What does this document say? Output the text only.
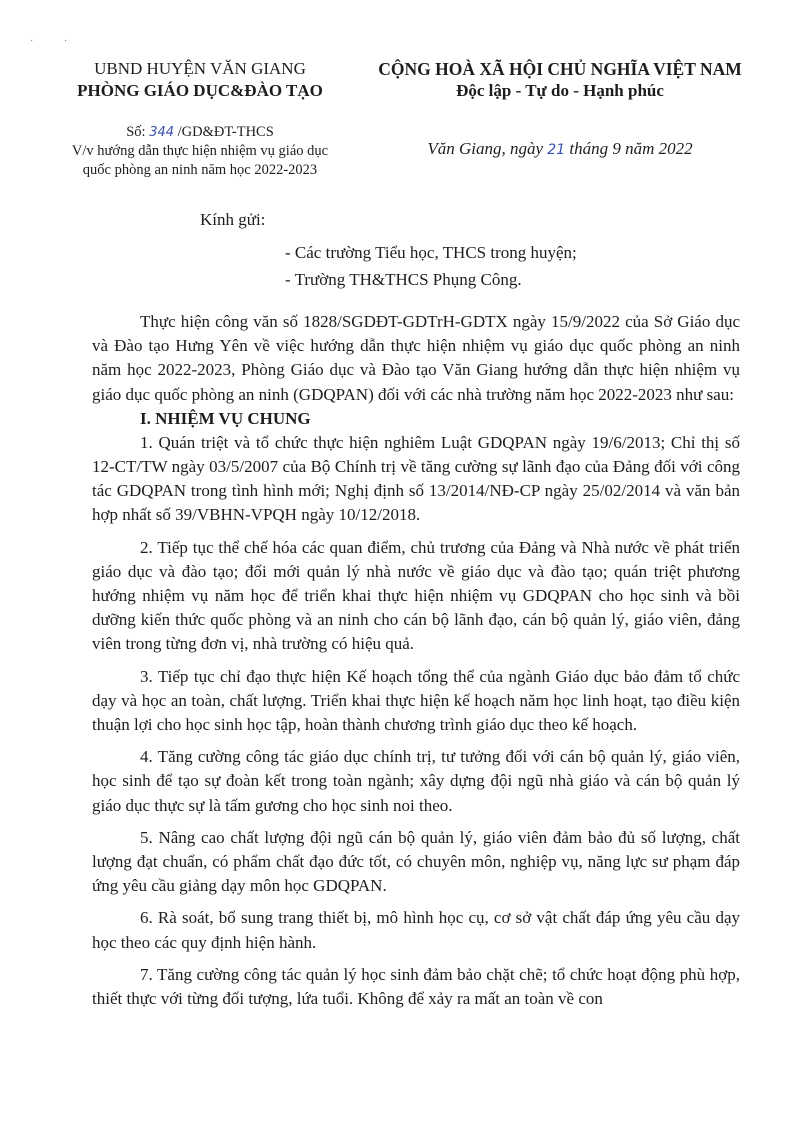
· ·
UBND HUYỆN VĂN GIANG
PHÒNG GIÁO DỤC&ĐÀO TẠO
CỘNG HOÀ XÃ HỘI CHỦ NGHĨA VIỆT NAM
Độc lập - Tự do - Hạnh phúc
Số: 344 /GD&ĐT-THCS
V/v hướng dẫn thực hiện nhiệm vụ giáo dục
quốc phòng an ninh năm học 2022-2023
Văn Giang, ngày 21 tháng 9 năm 2022
Kính gửi:
- Các trường Tiểu học, THCS trong huyện;
- Trường TH&THCS Phụng Công.

Thực hiện công văn số 1828/SGDĐT-GDTrH-GDTX ngày 15/9/2022 của Sở Giáo dục và Đào tạo Hưng Yên về việc hướng dẫn thực hiện nhiệm vụ giáo dục quốc phòng an ninh năm học 2022-2023, Phòng Giáo dục và Đào tạo Văn Giang hướng dẫn thực hiện nhiệm vụ giáo dục quốc phòng an ninh (GDQPAN) đối với các nhà trường năm học 2022-2023 như sau:

I. NHIỆM VỤ CHUNG

1. Quán triệt và tổ chức thực hiện nghiêm Luật GDQPAN ngày 19/6/2013; Chỉ thị số 12-CT/TW ngày 03/5/2007 của Bộ Chính trị về tăng cường sự lãnh đạo của Đảng đối với công tác GDQPAN trong tình hình mới; Nghị định số 13/2014/NĐ-CP ngày 25/02/2014 và văn bản hợp nhất số 39/VBHN-VPQH ngày 10/12/2018.

2. Tiếp tục thể chế hóa các quan điểm, chủ trương của Đảng và Nhà nước về phát triển giáo dục và đào tạo; đổi mới quản lý nhà nước về giáo dục và đào tạo; quán triệt phương hướng nhiệm vụ năm học để triển khai thực hiện nhiệm vụ GDQPAN cho học sinh và bồi dưỡng kiến thức quốc phòng và an ninh cho cán bộ lãnh đạo, cán bộ quản lý, giáo viên, đảng viên trong từng đơn vị, nhà trường có hiệu quả.

3. Tiếp tục chỉ đạo thực hiện Kế hoạch tổng thể của ngành Giáo dục bảo đảm tổ chức dạy và học an toàn, chất lượng. Triển khai thực hiện kế hoạch năm học linh hoạt, tạo điều kiện thuận lợi cho học sinh học tập, hoàn thành chương trình giáo dục theo kế hoạch.

4. Tăng cường công tác giáo dục chính trị, tư tưởng đối với cán bộ quản lý, giáo viên, học sinh để tạo sự đoàn kết trong toàn ngành; xây dựng đội ngũ nhà giáo và cán bộ quản lý giáo dục thực sự là tấm gương cho học sinh noi theo.

5. Nâng cao chất lượng đội ngũ cán bộ quản lý, giáo viên đảm bảo đủ số lượng, chất lượng đạt chuẩn, có phẩm chất đạo đức tốt, có chuyên môn, nghiệp vụ, năng lực sư phạm đáp ứng yêu cầu giảng dạy môn học GDQPAN.

6. Rà soát, bổ sung trang thiết bị, mô hình học cụ, cơ sở vật chất đáp ứng yêu cầu dạy học theo các quy định hiện hành.

7. Tăng cường công tác quản lý học sinh đảm bảo chặt chẽ; tổ chức hoạt động phù hợp, thiết thực với từng đối tượng, lứa tuổi. Không để xảy ra mất an toàn về con
